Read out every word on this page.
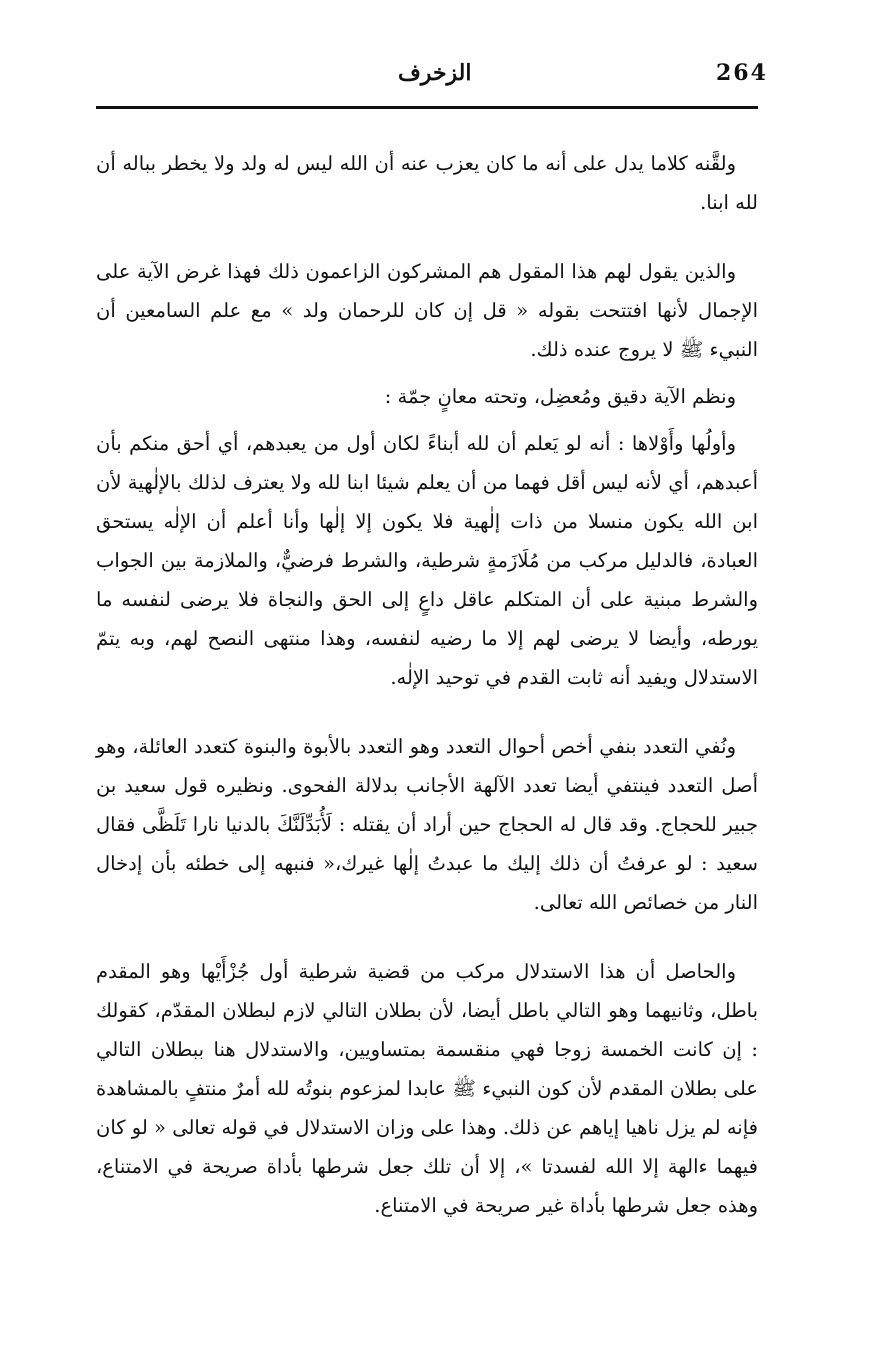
264
الزخرف

ولقَّنه كلاما يدل على أنه ما كان يعزب عنه أن الله ليس له ولد ولا يخطر بباله أن لله ابنا.

والذين يقول لهم هذا المقول هم المشركون الزاعمون ذلك فهذا غرض الآية على الإجمال لأنها افتتحت بقوله « قل إن كان للرحمان ولد » مع علم السامعين أن النبيء ﷺ لا يروج عنده ذلك.

ونظم الآية دقيق ومُعضِل، وتحته معانٍ جمّة :

وأولُها وأَوْلاها : أنه لو يَعلم أن لله أبناءً لكان أول من يعبدهم، أي أحق منكم بأن أعبدهم، أي لأنه ليس أقل فهما من أن يعلم شيئا ابنا لله ولا يعترف لذلك بالإلٰهية لأن ابن الله يكون منسلا من ذات إلٰهية فلا يكون إلا إلٰها وأنا أعلم أن الإلٰه يستحق العبادة، فالدليل مركب من مُلَازَمةٍ شرطية، والشرط فرضيٌّ، والملازمة بين الجواب والشرط مبنية على أن المتكلم عاقل داعٍ إلى الحق والنجاة فلا يرضى لنفسه ما يورطه، وأيضا لا يرضى لهم إلا ما رضيه لنفسه، وهذا منتهى النصح لهم، وبه يتمّ الاستدلال ويفيد أنه ثابت القدم في توحيد الإلٰه.

ونُفي التعدد بنفي أخص أحوال التعدد وهو التعدد بالأبوة والبنوة كتعدد العائلة، وهو أصل التعدد فينتفي أيضا تعدد الآلهة الأجانب بدلالة الفحوى. ونظيره قول سعيد بن جبير للحجاج. وقد قال له الحجاج حين أراد أن يقتله : لَأُبَدِّلَنَّكَ بالدنيا نارا تَلَظَّى فقال سعيد : لو عرفتُ أن ذلك إليك ما عبدتُ إلٰها غيرك،« فنبهه إلى خطئه بأن إدخال النار من خصائص الله تعالى.

والحاصل أن هذا الاستدلال مركب من قضية شرطية أول جُزْأَيْها وهو المقدم باطل، وثانيهما وهو التالي باطل أيضا، لأن بطلان التالي لازم لبطلان المقدّم، كقولك : إن كانت الخمسة زوجا فهي منقسمة بمتساويين، والاستدلال هنا ببطلان التالي على بطلان المقدم لأن كون النبيء ﷺ عابدا لمزعوم بنوتُه لله أمرٌ منتفٍ بالمشاهدة فإنه لم يزل ناهيا إياهم عن ذلك. وهذا على وزان الاستدلال في قوله تعالى « لو كان فيهما ءالهة إلا الله لفسدتا »، إلا أن تلك جعل شرطها بأداة صريحة في الامتناع، وهذه جعل شرطها بأداة غير صريحة في الامتناع.
